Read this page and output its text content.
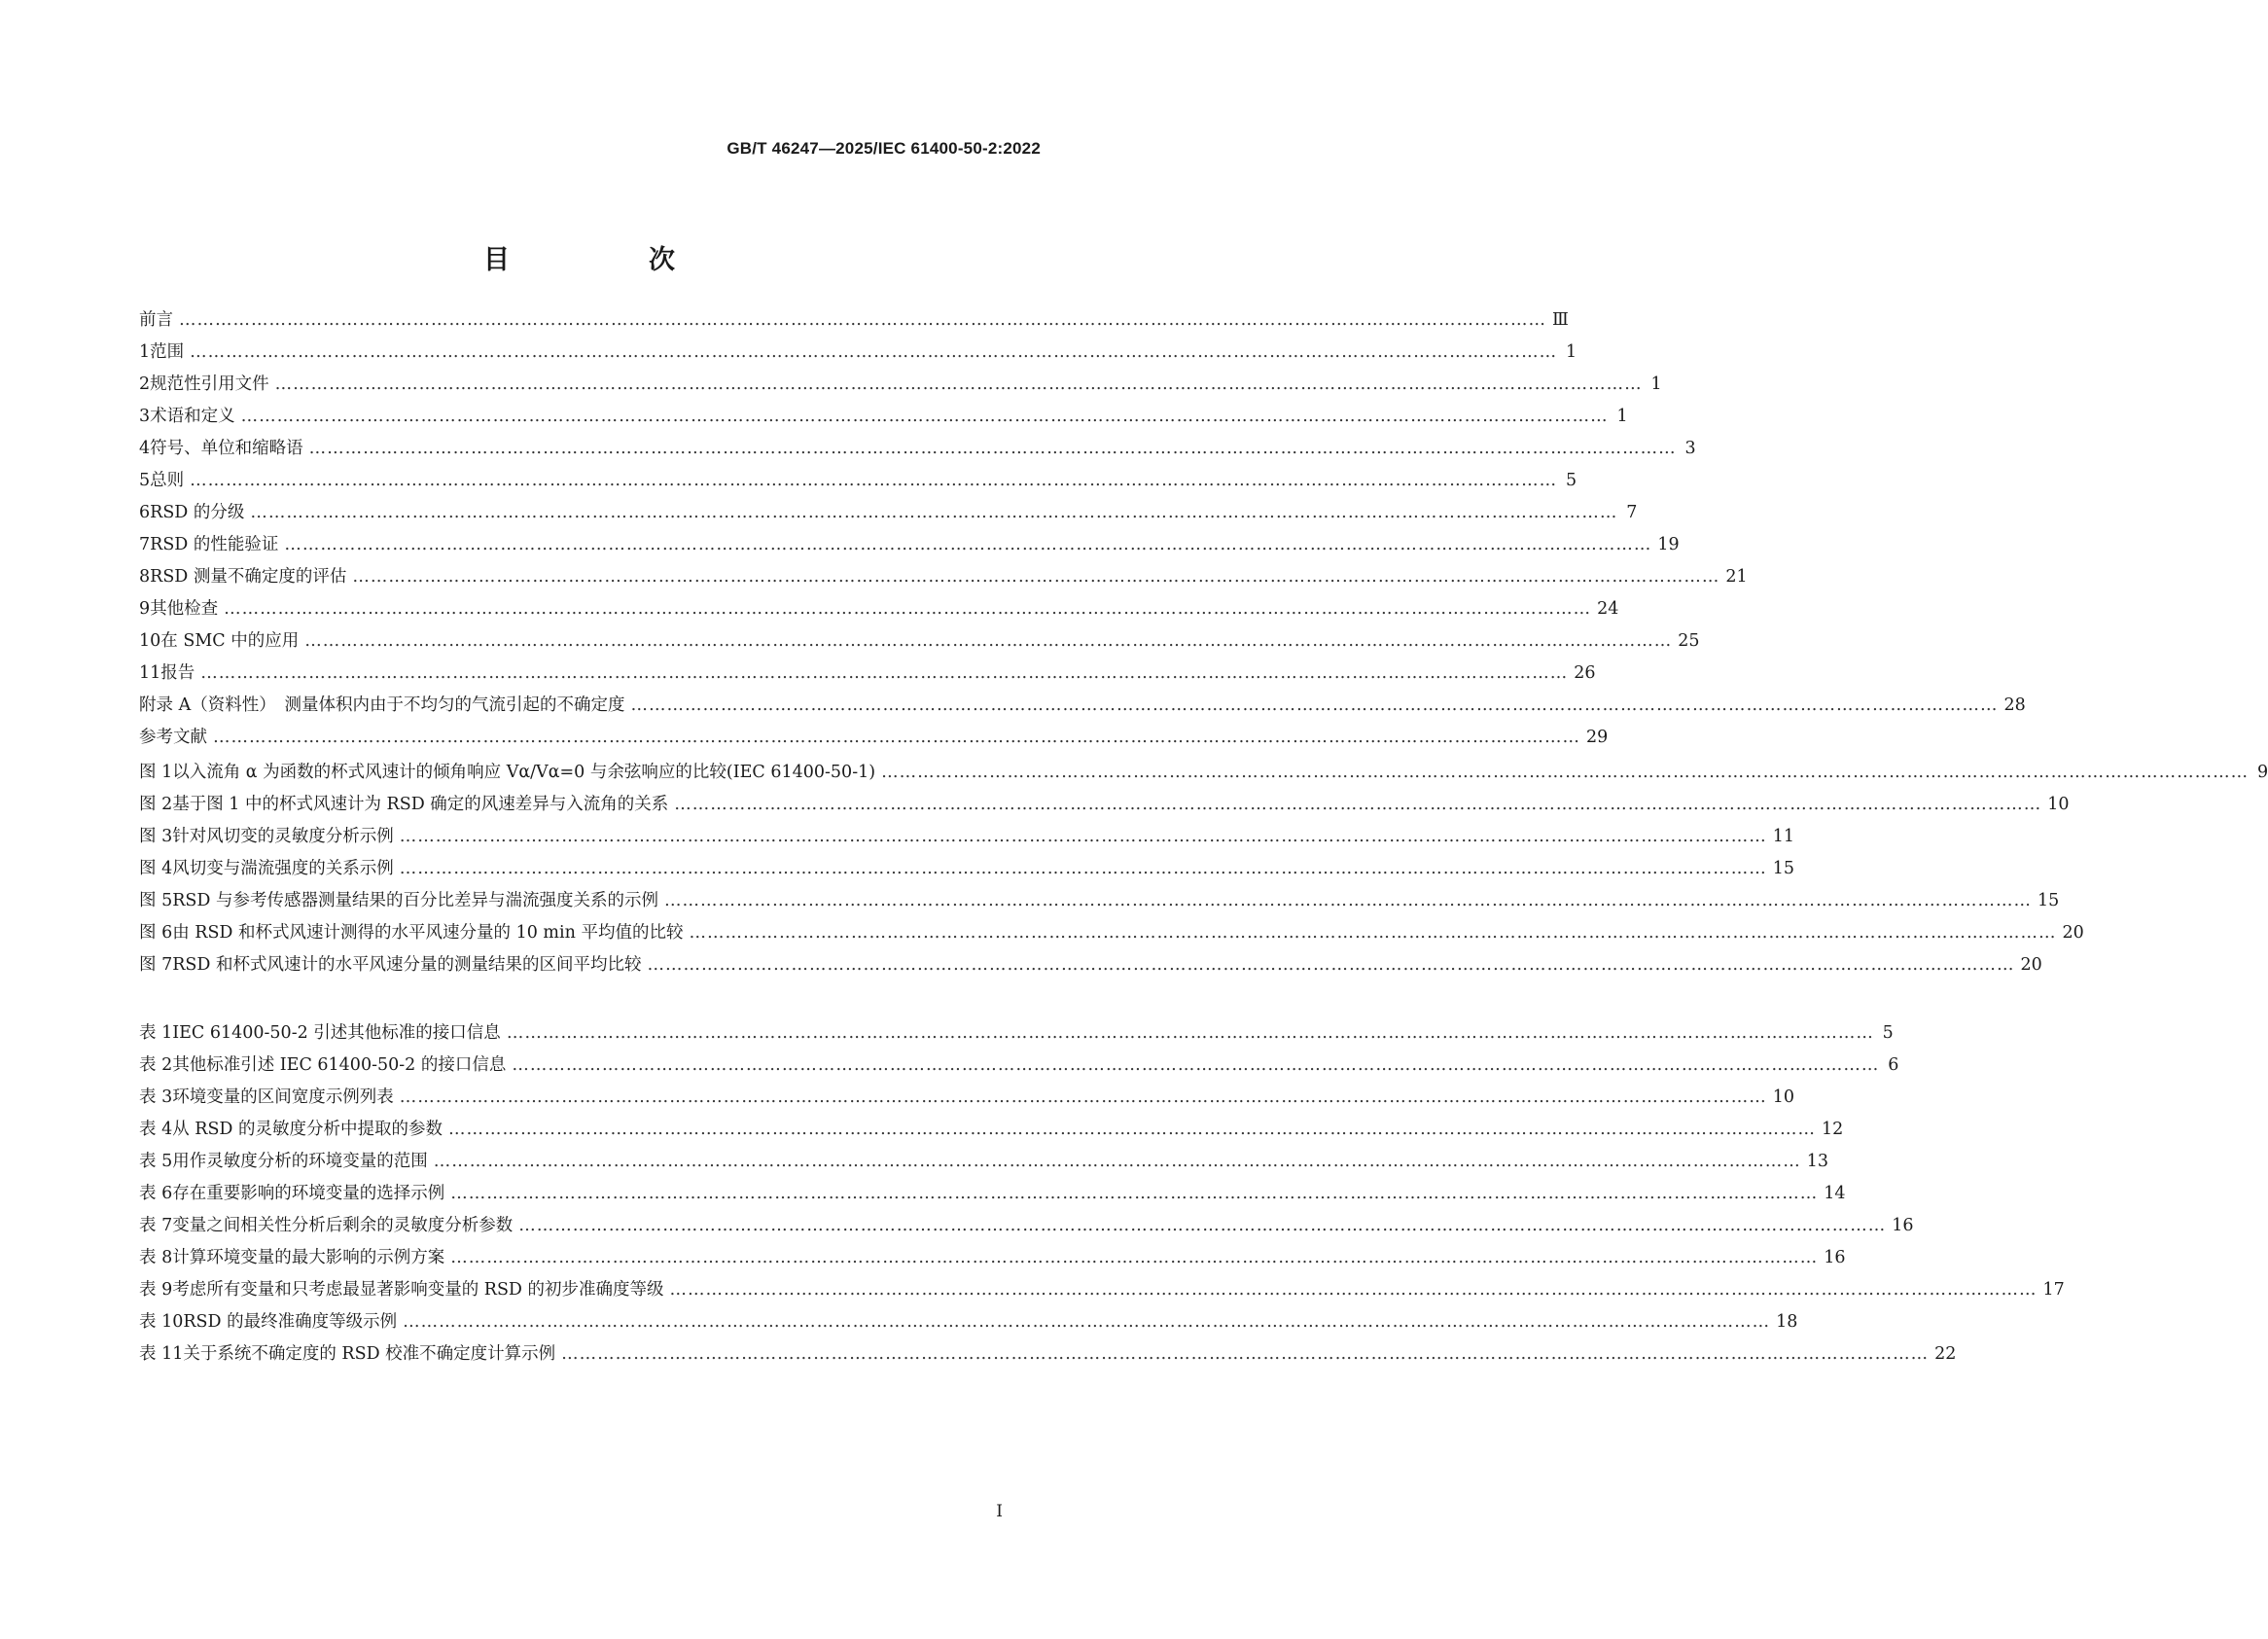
GB/T 46247—2025/IEC 61400-50-2:2022
目　次
前言 …………………………………………………………………………………………………………………………………………………………………………………………………………	Ⅲ
1 范围 …………………………………………………………………………………………………………………………………………………………………………………………………………	1
2 规范性引用文件 …………………………………………………………………………………………………………………………………………………………………………………………………………	1
3 术语和定义 …………………………………………………………………………………………………………………………………………………………………………………………………………	1
4 符号、单位和缩略语 …………………………………………………………………………………………………………………………………………………………………………………………………………	3
5 总则 …………………………………………………………………………………………………………………………………………………………………………………………………………	5
6 RSD 的分级 …………………………………………………………………………………………………………………………………………………………………………………………………………	7
7 RSD 的性能验证 …………………………………………………………………………………………………………………………………………………………………………………………………………	19
8 RSD 测量不确定度的评估 …………………………………………………………………………………………………………………………………………………………………………………………………………	21
9 其他检查 …………………………………………………………………………………………………………………………………………………………………………………………………………	24
10 在 SMC 中的应用 …………………………………………………………………………………………………………………………………………………………………………………………………………	25
11 报告 …………………………………………………………………………………………………………………………………………………………………………………………………………	26
附录 A（资料性）　测量体积内由于不均匀的气流引起的不确定度 …………………………………………………………………………………………………………………………………………………………………………………………………………	28
参考文献 …………………………………………………………………………………………………………………………………………………………………………………………………………	29
图 1 以入流角 α 为函数的杯式风速计的倾角响应 Vα/Vα=0 与余弦响应的比较(IEC 61400-50-1) …………………………………………………………………………………………………………………………………………………………………………………………………………	9
图 2 基于图 1 中的杯式风速计为 RSD 确定的风速差异与入流角的关系 …………………………………………………………………………………………………………………………………………………………………………………………………………	10
图 3 针对风切变的灵敏度分析示例 …………………………………………………………………………………………………………………………………………………………………………………………………………	11
图 4 风切变与湍流强度的关系示例 …………………………………………………………………………………………………………………………………………………………………………………………………………	15
图 5 RSD 与参考传感器测量结果的百分比差异与湍流强度关系的示例 …………………………………………………………………………………………………………………………………………………………………………………………………………	15
图 6 由 RSD 和杯式风速计测得的水平风速分量的 10 min 平均值的比较 …………………………………………………………………………………………………………………………………………………………………………………………………………	20
图 7 RSD 和杯式风速计的水平风速分量的测量结果的区间平均比较 …………………………………………………………………………………………………………………………………………………………………………………………………………	20
表 1 IEC 61400-50-2 引述其他标准的接口信息 …………………………………………………………………………………………………………………………………………………………………………………………………………	5
表 2 其他标准引述 IEC 61400-50-2 的接口信息 …………………………………………………………………………………………………………………………………………………………………………………………………………	6
表 3 环境变量的区间宽度示例列表 …………………………………………………………………………………………………………………………………………………………………………………………………………	10
表 4 从 RSD 的灵敏度分析中提取的参数 …………………………………………………………………………………………………………………………………………………………………………………………………………	12
表 5 用作灵敏度分析的环境变量的范围 …………………………………………………………………………………………………………………………………………………………………………………………………………	13
表 6 存在重要影响的环境变量的选择示例 …………………………………………………………………………………………………………………………………………………………………………………………………………	14
表 7 变量之间相关性分析后剩余的灵敏度分析参数 …………………………………………………………………………………………………………………………………………………………………………………………………………	16
表 8 计算环境变量的最大影响的示例方案 …………………………………………………………………………………………………………………………………………………………………………………………………………	16
表 9 考虑所有变量和只考虑最显著影响变量的 RSD 的初步准确度等级 …………………………………………………………………………………………………………………………………………………………………………………………………………	17
表 10 RSD 的最终准确度等级示例 …………………………………………………………………………………………………………………………………………………………………………………………………………	18
表 11 关于系统不确定度的 RSD 校准不确定度计算示例 …………………………………………………………………………………………………………………………………………………………………………………………………………	22
I
